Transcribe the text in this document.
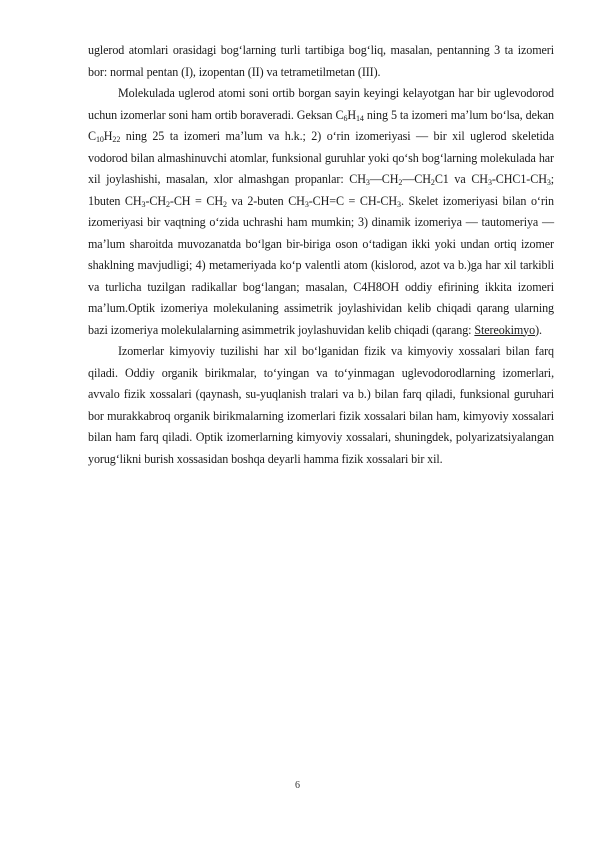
uglerod atomlari orasidagi bogʻlarning turli tartibiga bogʻliq, masalan, pentanning 3 ta izomeri bor: normal pentan (I), izopentan (II) va tetrametilmetan (III).

Molekulada uglerod atomi soni ortib borgan sayin keyingi kelayotgan har bir uglevodorod uchun izomerlar soni ham ortib boraveradi. Geksan $C_6H_{14}$ ning 5 ta izomeri maʼlum boʻlsa, dekan $C_{10}H_{22}$ ning 25 ta izomeri maʼlum va h.k.; 2) oʻrin izomeriyasi — bir xil uglerod skeletida vodorod bilan almashinuvchi atomlar, funksional guruhlar yoki qoʻsh bogʻlarning molekulada har xil joylashishi, masalan, xlor almashgan propanlar: $CH_3—CH_2—CH_2C1$ va $CH_3-CHC1-CH_3$; 1buten $CH_3-CH_2-CH = CH_2$ va 2-buten $CH_3-CH=C = CH-CH_3$. Skelet izomeriyasi bilan oʻrin izomeriyasi bir vaqtning oʻzida uchrashi ham mumkin; 3) dinamik izomeriya — tautomeriya — maʼlum sharoitda muvozanatda boʻlgan bir-biriga oson oʻtadigan ikki yoki undan ortiq izomer shaklning mavjudligi; 4) metameriyada koʻp valentli atom (kislorod, azot va b.)ga har xil tarkibli va turlicha tuzilgan radikallar bogʻlangan; masalan, C4H8OH oddiy efirining ikkita izomeri maʼlum.Optik izomeriya molekulaning assimetrik joylashividan kelib chiqadi qarang ularning bazi izomeriya molekulalarning asimmetrik joylashuvidan kelib chiqadi (qarang: Stereokimyo).

Izomerlar kimyoviy tuzilishi har xil boʻlganidan fizik va kimyoviy xossalari bilan farq qiladi. Oddiy organik birikmalar, toʻyingan va toʻyinmagan uglevodorodlarning izomerlari, avvalo fizik xossalari (qaynash, su-yuqlanish tralari va b.) bilan farq qiladi, funksional guruhari bor murakkabroq organik birikmalarning izomerlari fizik xossalari bilan ham, kimyoviy xossalari bilan ham farq qiladi. Optik izomerlarning kimyoviy xossalari, shuningdek, polyarizatsiyalangan yorugʻlikni burish xossasidan boshqa deyarli hamma fizik xossalari bir xil.

6
